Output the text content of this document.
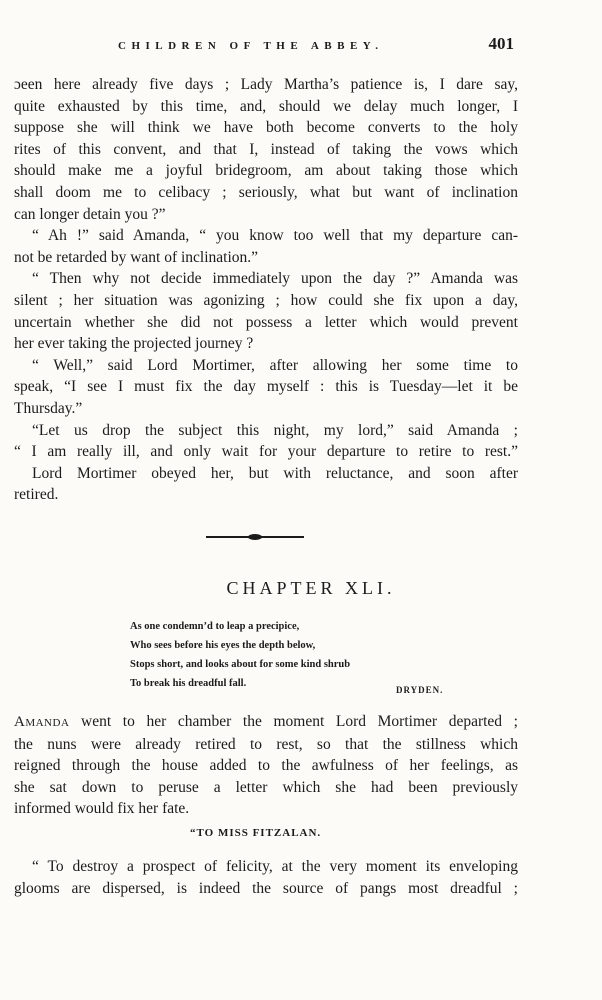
CHILDREN OF THE ABBEY.	401

ɔeen here already five days ; Lady Martha’s patience is, I dare say,

quite exhausted by this time, and, should we delay much longer, I

suppose she will think we have both become converts to the holy

rites of this convent, and that I, instead of taking the vows which

should make me a joyful bridegroom, am about taking those which

shall doom me to celibacy ; seriously, what but want of inclination

can longer detain you ?”

“ Ah !” said Amanda, “ you know too well that my departure can-

not be retarded by want of inclination.”

“ Then why not decide immediately upon the day ?” Amanda was

silent ; her situation was agonizing ; how could she fix upon a day,

uncertain whether she did not possess a letter which would prevent

her ever taking the projected journey ?

“ Well,” said Lord Mortimer, after allowing her some time to

speak, “I see I must fix the day myself : this is Tuesday—let it be

Thursday.”

“Let us drop the subject this night, my lord,” said Amanda ;

“ I am really ill, and only wait for your departure to retire to rest.”

Lord Mortimer obeyed her, but with reluctance, and soon after

retired.

CHAPTER XLI.
As one condemn’d to leap a precipice,
Who sees before his eyes the depth below,
Stops short, and looks about for some kind shrub
To break his dreadful fall.
DRYDEN.

Amanda went to her chamber the moment Lord Mortimer departed ;

the nuns were already retired to rest, so that the stillness which

reigned through the house added to the awfulness of her feelings, as

she sat down to peruse a letter which she had been previously

informed would fix her fate.

“TO MISS FITZALAN.

“ To destroy a prospect of felicity, at the very moment its enveloping

glooms are dispersed, is indeed the source of pangs most dreadful ;
